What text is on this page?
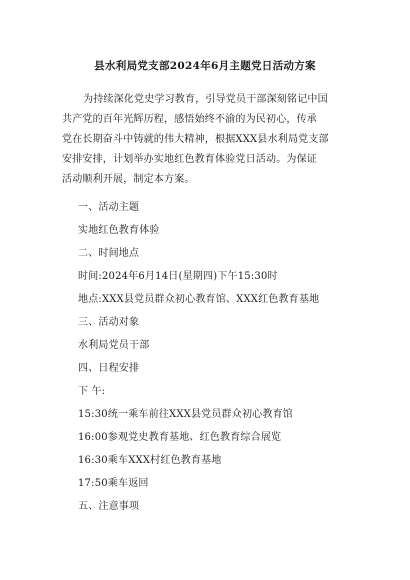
县水利局党支部2024年6月主题党日活动方案
为持续深化党史学习教育，引导党员干部深刻铭记中国
共产党的百年光辉历程，感悟始终不渝的为民初心，传承
党在长期奋斗中铸就的伟大精神，根据XXX县水利局党支部
安排安排，计划举办实地红色教育体验党日活动。为保证
活动顺利开展，制定本方案。
一、活动主题
实地红色教育体验
二、时间地点
时间:2024年6月14日(星期四)下午15:30时
地点:XXX县党员群众初心教育馆、XXX红色教育基地
三、活动对象
水利局党员干部
四、日程安排
下 午:
15:30统一乘车前往XXX县党员群众初心教育馆
16:00参观党史教育基地、红色教育综合展览
16:30乘车XXX村红色教育基地
17:50乘车返回
五、注意事项
